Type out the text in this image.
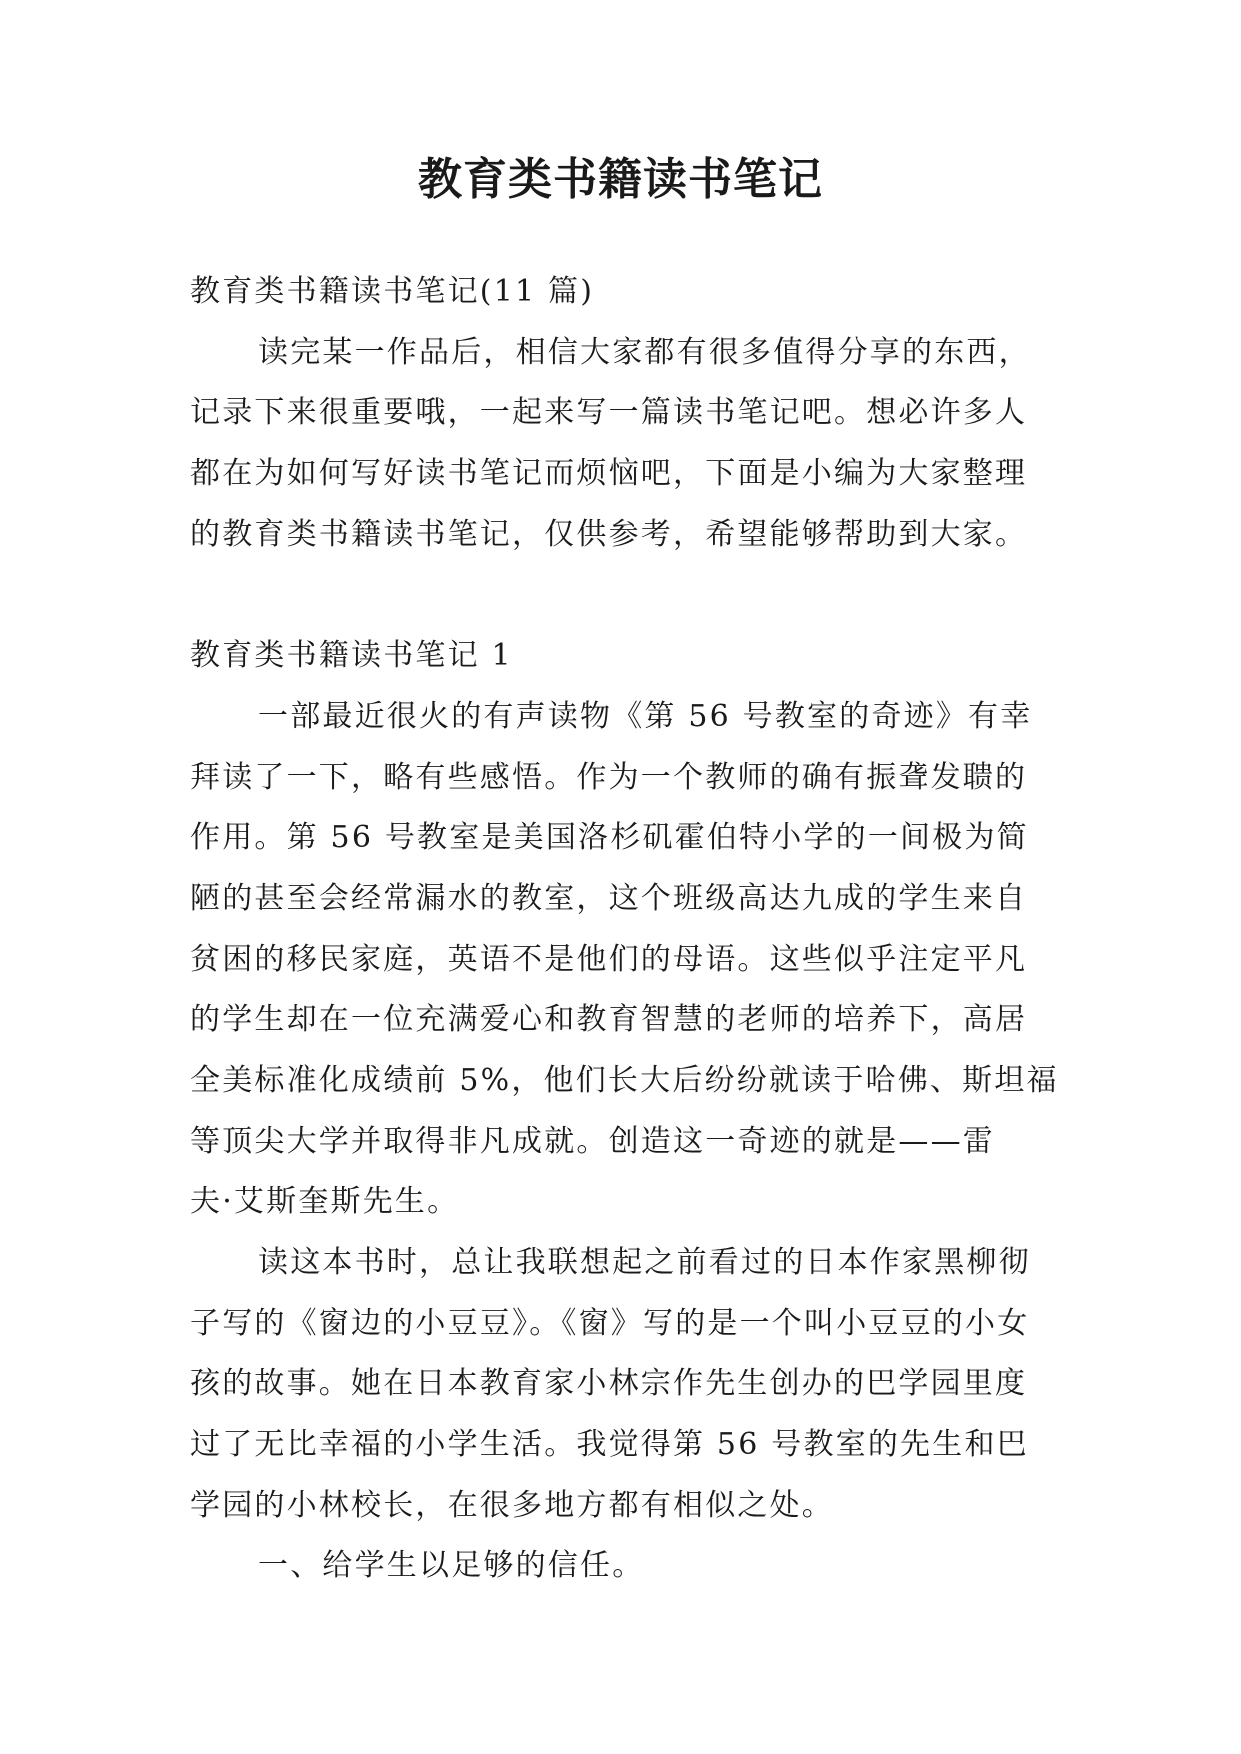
教育类书籍读书笔记
教育类书籍读书笔记(11 篇)
读完某一作品后，相信大家都有很多值得分享的东西，
记录下来很重要哦，一起来写一篇读书笔记吧。想必许多人
都在为如何写好读书笔记而烦恼吧，下面是小编为大家整理
的教育类书籍读书笔记，仅供参考，希望能够帮助到大家。
教育类书籍读书笔记 1
一部最近很火的有声读物《第 56 号教室的奇迹》有幸
拜读了一下，略有些感悟。作为一个教师的确有振聋发聩的
作用。第 56 号教室是美国洛杉矶霍伯特小学的一间极为简
陋的甚至会经常漏水的教室，这个班级高达九成的学生来自
贫困的移民家庭，英语不是他们的母语。这些似乎注定平凡
的学生却在一位充满爱心和教育智慧的老师的培养下，高居
全美标准化成绩前 5%，他们长大后纷纷就读于哈佛、斯坦福
等顶尖大学并取得非凡成就。创造这一奇迹的就是——雷
夫·艾斯奎斯先生。
读这本书时，总让我联想起之前看过的日本作家黑柳彻
子写的《窗边的小豆豆》。《窗》写的是一个叫小豆豆的小女
孩的故事。她在日本教育家小林宗作先生创办的巴学园里度
过了无比幸福的小学生活。我觉得第 56 号教室的先生和巴
学园的小林校长，在很多地方都有相似之处。
一、给学生以足够的信任。
